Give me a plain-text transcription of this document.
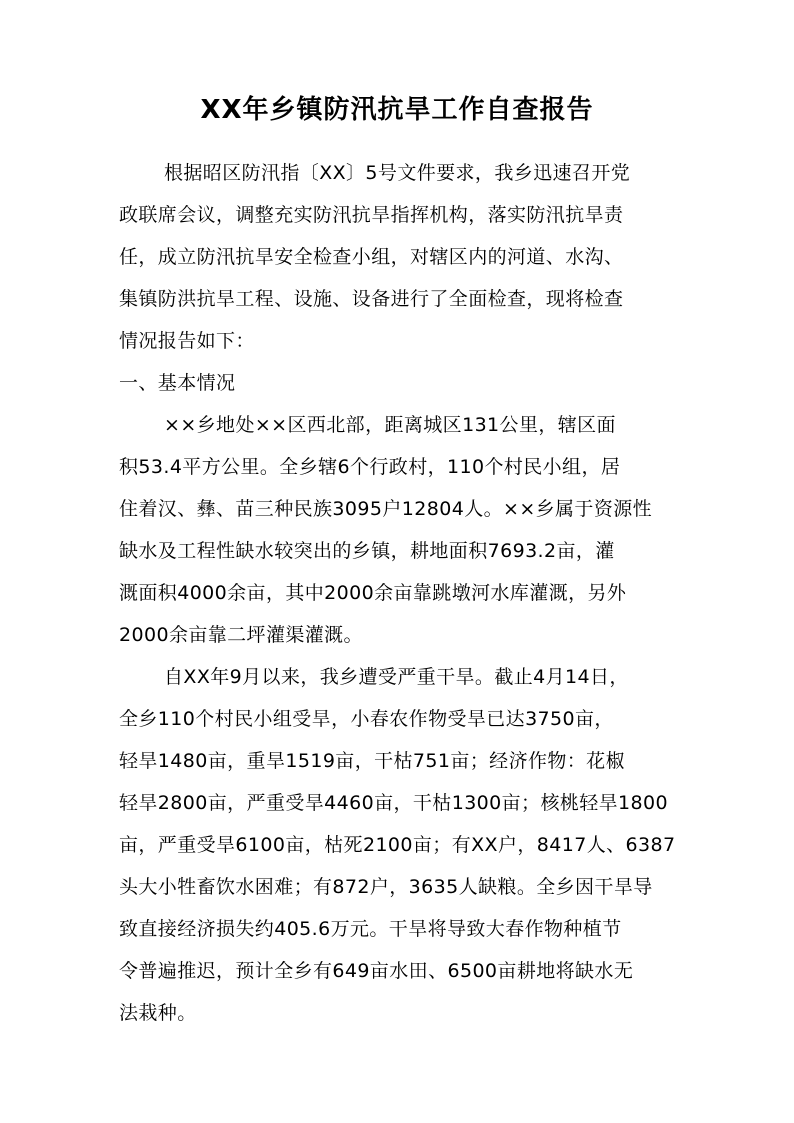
XX年乡镇防汛抗旱工作自查报告
根据昭区防汛指〔XX〕5号文件要求，我乡迅速召开党
政联席会议，调整充实防汛抗旱指挥机构，落实防汛抗旱责
任，成立防汛抗旱安全检查小组，对辖区内的河道、水沟、
集镇防洪抗旱工程、设施、设备进行了全面检查，现将检查
情况报告如下：
一、基本情况
××乡地处××区西北部，距离城区131公里，辖区面
积53.4平方公里。全乡辖6个行政村，110个村民小组，居
住着汉、彝、苗三种民族3095户12804人。××乡属于资源性
缺水及工程性缺水较突出的乡镇，耕地面积7693.2亩，灌
溉面积4000余亩，其中2000余亩靠跳墩河水库灌溉，另外
2000余亩靠二坪灌渠灌溉。
自XX年9月以来，我乡遭受严重干旱。截止4月14日，
全乡110个村民小组受旱，小春农作物受旱已达3750亩，
轻旱1480亩，重旱1519亩，干枯751亩；经济作物：花椒
轻旱2800亩，严重受旱4460亩，干枯1300亩；核桃轻旱1800
亩，严重受旱6100亩，枯死2100亩；有XX户，8417人、6387
头大小牲畜饮水困难；有872户，3635人缺粮。全乡因干旱导
致直接经济损失约405.6万元。干旱将导致大春作物种植节
令普遍推迟，预计全乡有649亩水田、6500亩耕地将缺水无
法栽种。
